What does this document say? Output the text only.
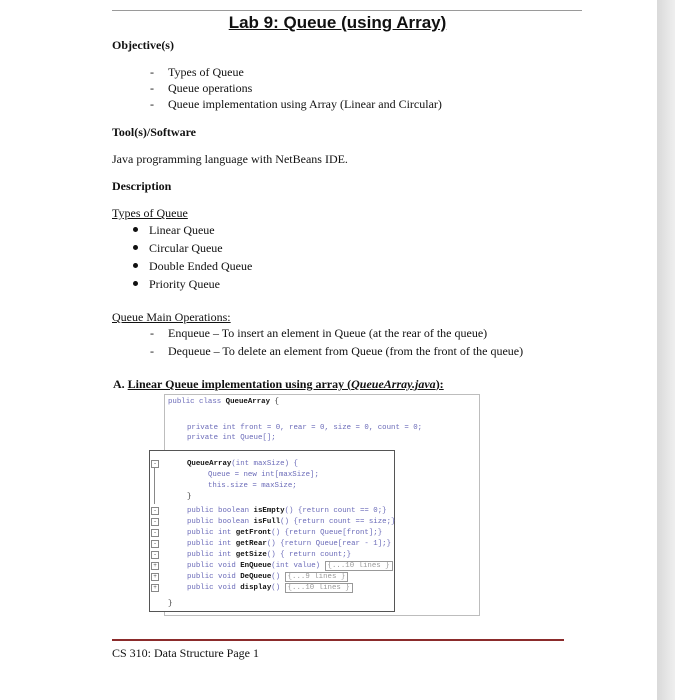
Lab 9: Queue (using Array)
Objective(s)
- Types of Queue
- Queue operations
- Queue implementation using Array (Linear and Circular)
Tool(s)/Software
Java programming language with NetBeans IDE.
Description
Types of Queue
Linear Queue
Circular Queue
Double Ended Queue
Priority Queue
Queue Main Operations:
- Enqueue – To insert an element in Queue (at the rear of the queue)
- Dequeue – To delete an element from Queue (from the front of the queue)
A. Linear Queue implementation using array (QueueArray.java):
public class QueueArray {
private int front = 0, rear = 0, size = 0, count = 0;
private int Queue[];
-	QueueArray(int maxSize) {
Queue = new int[maxSize];
this.size = maxSize;
}
-	public boolean isEmpty() {return count == 0;}
-	public boolean isFull() {return count == size;}
-	public int getFront() {return Queue[front];}
-	public int getRear() {return Queue[rear - 1];}
-	public int getSize() { return count;}
+	public void EnQueue(int value) {...10 lines }
+	public void DeQueue() {...9 lines }
+	public void display() {...10 lines }
}
CS 310: Data Structure Page 1
